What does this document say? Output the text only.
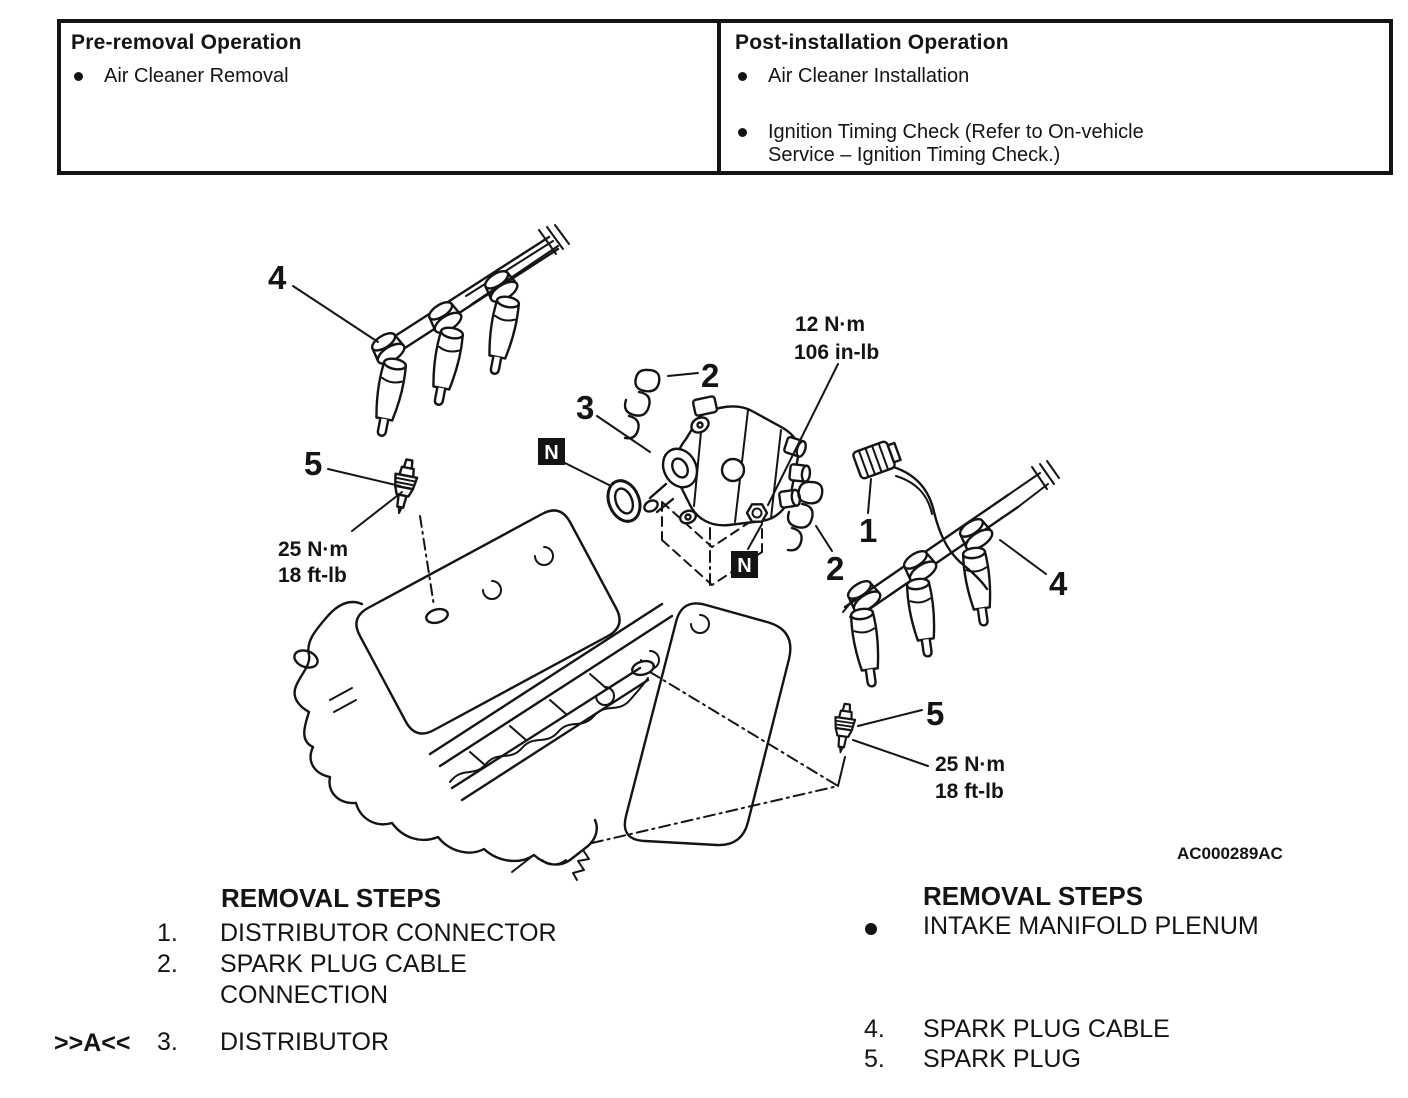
Pre-removal Operation
Air Cleaner Removal
Post-installation Operation
Air Cleaner Installation
Ignition Timing Check (Refer to On-vehicle
Service – Ignition Timing Check.)
N
N
4
5
3
2
2
1
4
5
12 N·m
106 in-lb
25 N·m
18 ft-lb
25 N·m
18 ft-lb
AC000289AC
REMOVAL STEPS
1. DISTRIBUTOR CONNECTOR
2. SPARK PLUG CABLE
CONNECTION
>>A<< 3. DISTRIBUTOR
REMOVAL STEPS
INTAKE MANIFOLD PLENUM
4. SPARK PLUG CABLE
5. SPARK PLUG
